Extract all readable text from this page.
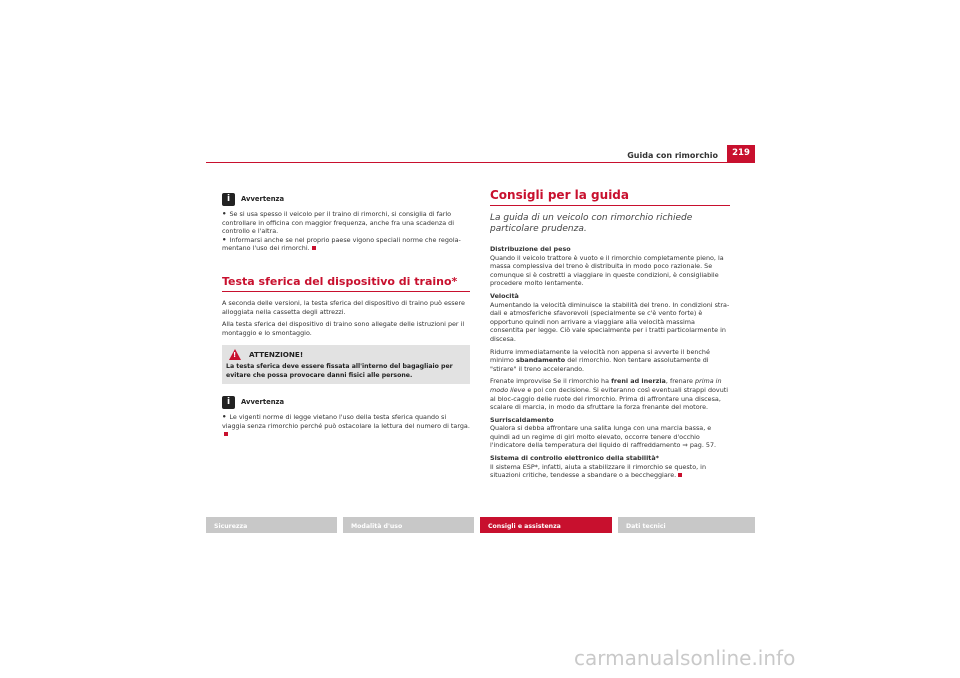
Guida con rimorchio	219
i	Avvertenza

• Se si usa spesso il veicolo per il traino di rimorchi, si consiglia di farlo controllare in officina con maggior frequenza, anche fra una scadenza di controllo e l'altra.

• Informarsi anche se nel proprio paese vigono speciali norme che regola-mentano l'uso dei rimorchi.

Testa sferica del dispositivo di traino*

A seconda delle versioni, la testa sferica del dispositivo di traino può essere alloggiata nella cassetta degli attrezzi.

Alla testa sferica del dispositivo di traino sono allegate delle istruzioni per il montaggio e lo smontaggio.

! ATTENZIONE!
La testa sferica deve essere fissata all'interno del bagagliaio per evitare che possa provocare danni fisici alle persone.
i	Avvertenza

• Le vigenti norme di legge vietano l'uso della testa sferica quando si viaggia senza rimorchio perché può ostacolare la lettura del numero di targa.

Consigli per la guida
La guida di un veicolo con rimorchio richiede particolare prudenza.

Distribuzione del peso

Quando il veicolo trattore è vuoto e il rimorchio completamente pieno, la massa complessiva del treno è distribuita in modo poco razionale. Se comunque si è costretti a viaggiare in queste condizioni, è consigliabile procedere molto lentamente.

Velocità

Aumentando la velocità diminuisce la stabilità del treno. In condizioni stra-dali e atmosferiche sfavorevoli (specialmente se c'è vento forte) è opportuno quindi non arrivare a viaggiare alla velocità massima consentita per legge. Ciò vale specialmente per i tratti particolarmente in discesa.

Ridurre immediatamente la velocità non appena si avverte il benché minimo sbandamento del rimorchio. Non tentare assolutamente di "stirare" il treno accelerando.

Frenate improvvise Se il rimorchio ha freni ad inerzia, frenare prima in modo lieve e poi con decisione. Si eviteranno così eventuali strappi dovuti al bloc-caggio delle ruote del rimorchio. Prima di affrontare una discesa, scalare di marcia, in modo da sfruttare la forza frenante del motore.

Surriscaldamento

Qualora si debba affrontare una salita lunga con una marcia bassa, e quindi ad un regime di giri molto elevato, occorre tenere d'occhio l'indicatore della temperatura del liquido di raffreddamento ⇒ pag. 57.

Sistema di controllo elettronico della stabilità*

Il sistema ESP*, infatti, aiuta a stabilizzare il rimorchio se questo, in situazioni critiche, tendesse a sbandare o a beccheggiare.

Sicurezza	Modalità d'uso	Consigli e assistenza	Dati tecnici
carmanualsonline.info
